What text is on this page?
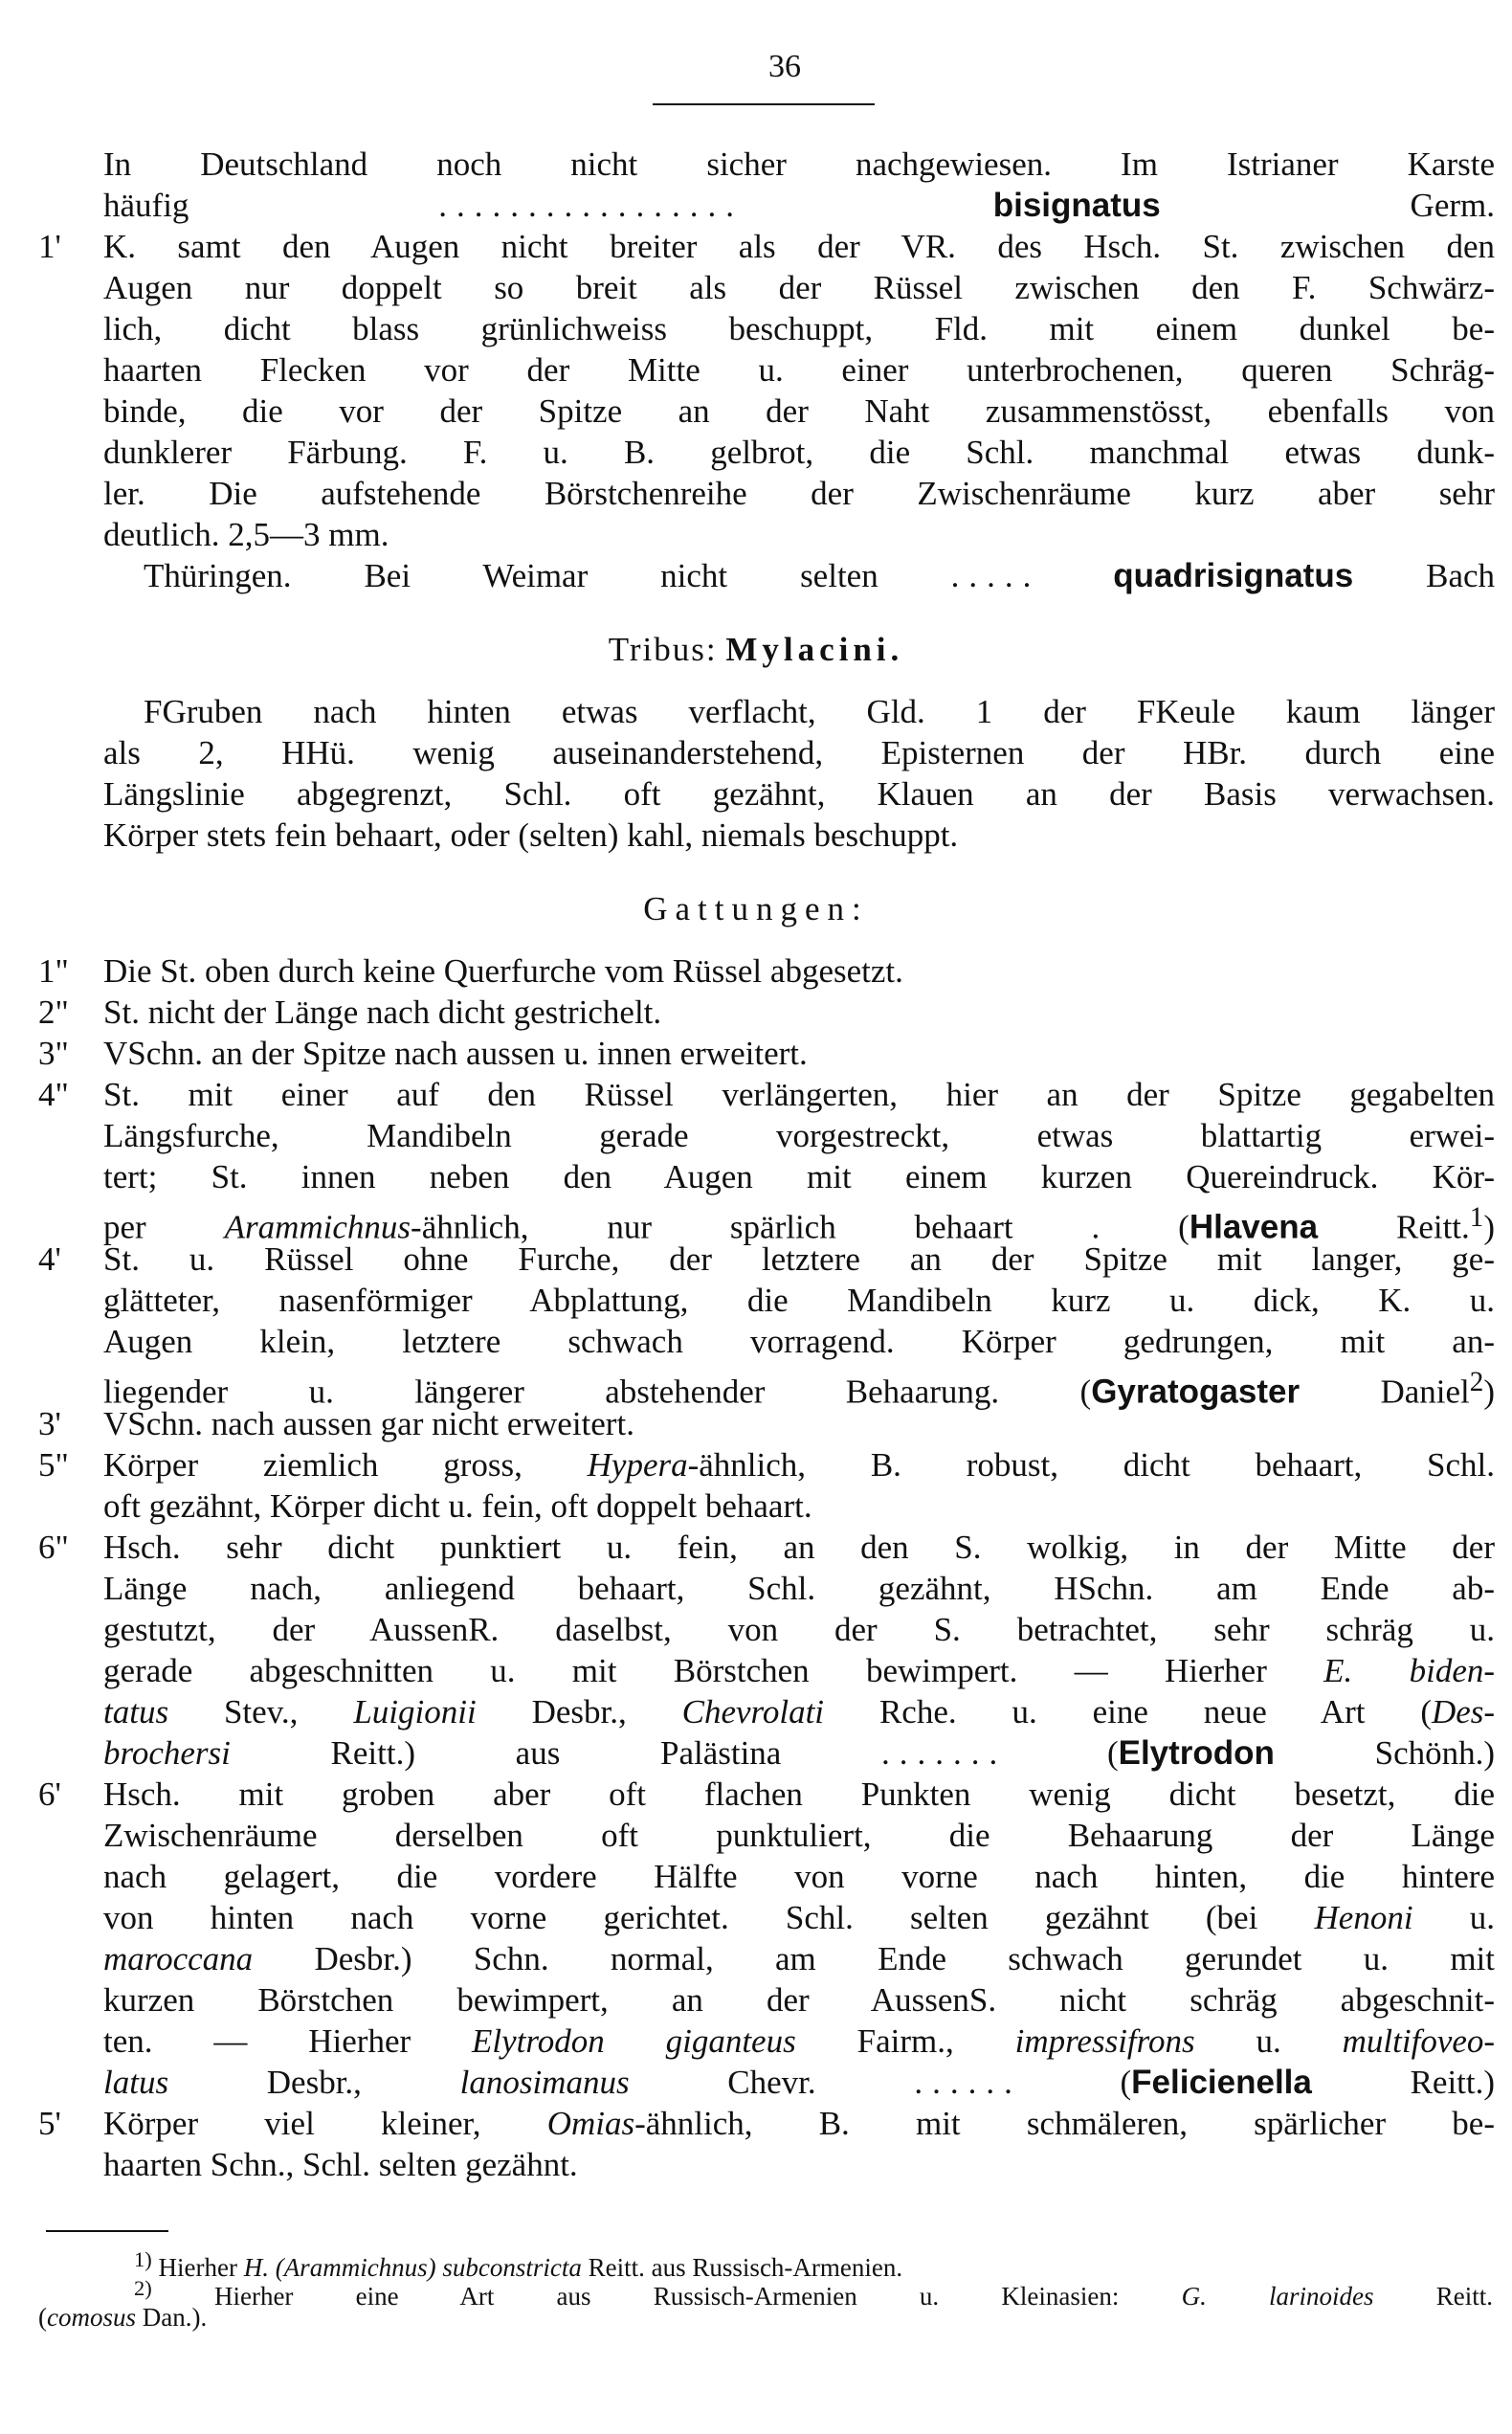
36
In Deutschland noch nicht sicher nachgewiesen. Im Istrianer Karste
häufig	.................	bisignatus	Germ.
1'	K. samt den Augen nicht breiter als der VR. des Hsch. St. zwischen den
Augen nur doppelt so breit als der Rüssel zwischen den F. Schwärz-
lich, dicht blass grünlichweiss beschuppt, Fld. mit einem dunkel be-
haarten Flecken vor der Mitte u. einer unterbrochenen, queren Schräg-
binde, die vor der Spitze an der Naht zusammenstösst, ebenfalls von
dunklerer Färbung. F. u. B. gelbrot, die Schl. manchmal etwas dunk-
ler. Die aufstehende Börstchenreihe der Zwischenräume kurz aber sehr
deutlich. 2,5—3 mm.
Thüringen. Bei Weimar nicht selten ..... quadrisignatus Bach
Tribus: Mylacini.
FGruben nach hinten etwas verflacht, Gld. 1 der FKeule kaum länger
als 2, HHü. wenig auseinanderstehend, Episternen der HBr. durch eine
Längslinie abgegrenzt, Schl. oft gezähnt, Klauen an der Basis verwachsen.
Körper stets fein behaart, oder (selten) kahl, niemals beschuppt.
Gattungen:
1"	Die St. oben durch keine Querfurche vom Rüssel abgesetzt.
2"	St. nicht der Länge nach dicht gestrichelt.
3"	VSchn. an der Spitze nach aussen u. innen erweitert.
4"	St. mit einer auf den Rüssel verlängerten, hier an der Spitze gegabelten
Längsfurche, Mandibeln gerade vorgestreckt, etwas blattartig erwei-
tert; St. innen neben den Augen mit einem kurzen Quereindruck. Kör-
per Arammichnus-ähnlich, nur spärlich behaart . (Hlavena Reitt.$^1$)
4'	St. u. Rüssel ohne Furche, der letztere an der Spitze mit langer, ge-
glätteter, nasenförmiger Abplattung, die Mandibeln kurz u. dick, K. u.
Augen klein, letztere schwach vorragend. Körper gedrungen, mit an-
liegender u. längerer abstehender Behaarung. (Gyratogaster Daniel$^2$)
3'	VSchn. nach aussen gar nicht erweitert.
5"	Körper ziemlich gross, Hypera-ähnlich, B. robust, dicht behaart, Schl.
oft gezähnt, Körper dicht u. fein, oft doppelt behaart.
6"	Hsch. sehr dicht punktiert u. fein, an den S. wolkig, in der Mitte der
Länge nach, anliegend behaart, Schl. gezähnt, HSchn. am Ende ab-
gestutzt, der AussenR. daselbst, von der S. betrachtet, sehr schräg u.
gerade abgeschnitten u. mit Börstchen bewimpert. — Hierher E. biden-
tatus Stev., Luigionii Desbr., Chevrolati Rche. u. eine neue Art (Des-
brochersi	Reitt.) aus Palästina	....... (Elytrodon	Schönh.)
6'	Hsch. mit groben aber oft flachen Punkten wenig dicht besetzt, die
Zwischenräume derselben oft punktuliert, die Behaarung der Länge
nach gelagert, die vordere Hälfte von vorne nach hinten, die hintere
von hinten nach vorne gerichtet. Schl. selten gezähnt (bei Henoni u.
maroccana Desbr.) Schn. normal, am Ende schwach gerundet u. mit
kurzen Börstchen bewimpert, an der AussenS. nicht schräg abgeschnit-
ten. — Hierher Elytrodon giganteus Fairm., impressifrons u. multifoveo-
latus	Desbr.,	lanosimanus	Chevr.	...... (Felicienella	Reitt.)
5'	Körper viel kleiner, Omias-ähnlich, B. mit schmäleren, spärlicher be-
haarten Schn., Schl. selten gezähnt.
$^{1)}$ Hierher H. (Arammichnus) subconstricta Reitt. aus Russisch-Armenien.
$^{2)}$ Hierher eine Art aus Russisch-Armenien u. Kleinasien: G. larinoides Reitt.
(comosus Dan.).
